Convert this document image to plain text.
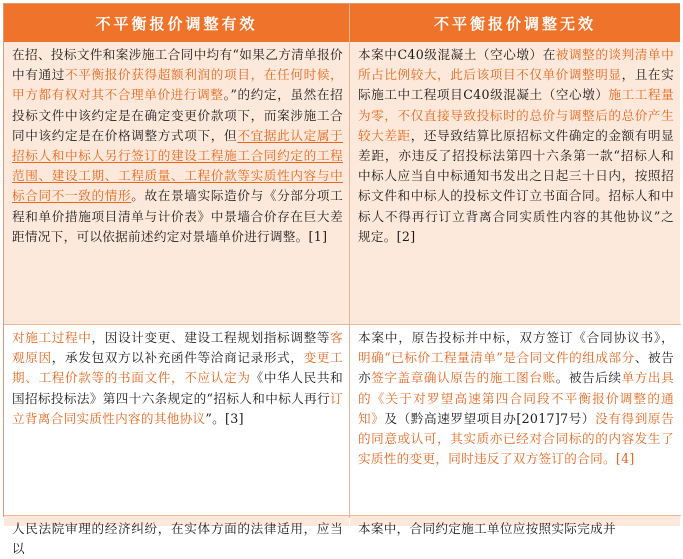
不平衡报价调整有效	不平衡报价调整无效
在招、投标文件和案涉施工合同中均有“如果乙方清单报价中有通过不平衡报价获得超额利润的项目，在任何时候，甲方都有权对其不合理单价进行调整。”的约定，虽然在招投标文件中该约定是在确定变更价款项下，而案涉施工合同中该约定是在价格调整方式项下，但不宜据此认定属于招标人和中标人另行签订的建设工程施工合同约定的工程范围、建设工期、工程质量、工程价款等实质性内容与中标合同不一致的情形。故在景墙实际造价与《分部分项工程和单价措施项目清单与计价表》中景墙合价存在巨大差距情况下，可以依据前述约定对景墙单价进行调整。[1]
本案中C40级混凝土（空心墩）在被调整的谈判清单中所占比例较大，此后该项目不仅单价调整明显，且在实际施工中工程项目C40级混凝土（空心墩）施工工程量为零，不仅直接导致投标时的总价与调整后的总价产生较大差距，还导致结算比原招标文件确定的金额有明显差距，亦违反了招投标法第四十六条第一款“招标人和中标人应当自中标通知书发出之日起三十日内，按照招标文件和中标人的投标文件订立书面合同。招标人和中标人不得再行订立背离合同实质性内容的其他协议”之规定。[2]
对施工过程中，因设计变更、建设工程规划指标调整等客观原因，承发包双方以补充函件等洽商记录形式，变更工期、工程价款等的书面文件，不应认定为《中华人民共和国招标投标法》第四十六条规定的“招标人和中标人再行订立背离合同实质性内容的其他协议”。[3]
本案中，原告投标并中标，双方签订《合同协议书》，明确“已标价工程量清单”是合同文件的组成部分、被告亦签字盖章确认原告的施工图台账。被告后续单方出具的《关于对罗望高速第四合同段不平衡报价调整的通知》及（黔高速罗望项目办[2017]7号）没有得到原告的同意或认可，其实质亦已经对合同标的的内容发生了实质性的变更，同时违反了双方签订的合同。[4]
人民法院审理的经济纠纷，在实体方面的法律适用，应当以
本案中，合同约定施工单位应按照实际完成并
